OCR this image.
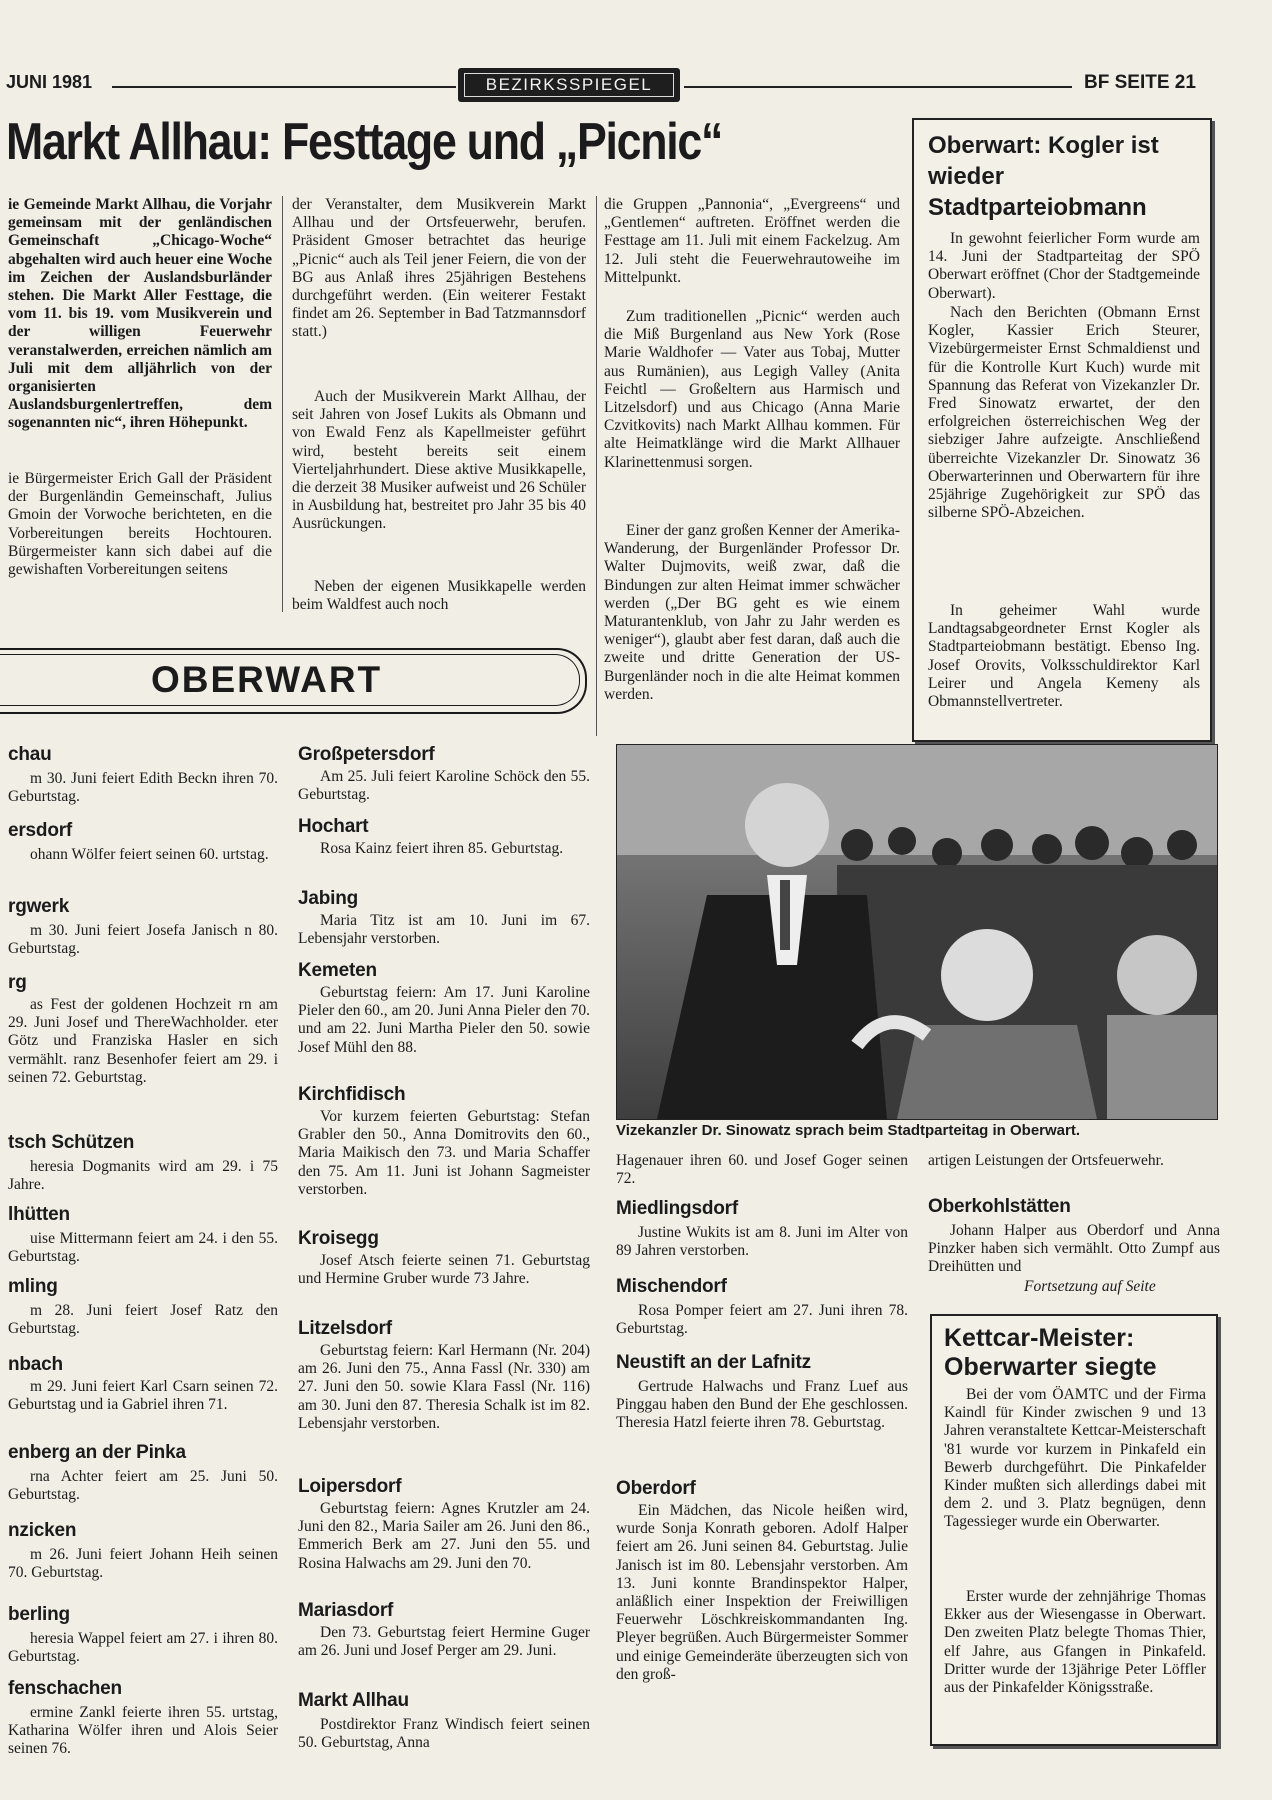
JUNI 1981	BEZIRKSSPIEGEL	BF SEITE 21
Markt Allhau: Festtage und „Picnic“

ie Gemeinde Markt Allhau, die Vorjahr gemeinsam mit der genländischen Gemeinschaft „Chicago-Woche“ abgehalten wird auch heuer eine Woche im Zeichen der Auslandsburländer stehen. Die Markt Aller Festtage, die vom 11. bis 19. vom Musikverein und der willigen Feuerwehr veranstalwerden, erreichen nämlich am Juli mit dem alljährlich von der organisierten Auslandsburgenlertreffen, dem sogenannten nic“, ihren Höhepunkt.

ie Bürgermeister Erich Gall der Präsident der Burgenländin Gemeinschaft, Julius Gmoin der Vorwoche berichteten, en die Vorbereitungen bereits Hochtouren. Bürgermeister kann sich dabei auf die gewishaften Vorbereitungen seitens

der Veranstalter, dem Musikverein Markt Allhau und der Ortsfeuerwehr, berufen. Präsident Gmoser betrachtet das heurige „Picnic“ auch als Teil jener Feiern, die von der BG aus Anlaß ihres 25jährigen Bestehens durchgeführt werden. (Ein weiterer Festakt findet am 26. September in Bad Tatzmannsdorf statt.)

Auch der Musikverein Markt Allhau, der seit Jahren von Josef Lukits als Obmann und von Ewald Fenz als Kapellmeister geführt wird, besteht bereits seit einem Vierteljahrhundert. Diese aktive Musikkapelle, die derzeit 38 Musiker aufweist und 26 Schüler in Ausbildung hat, bestreitet pro Jahr 35 bis 40 Ausrückungen.

Neben der eigenen Musikkapelle werden beim Waldfest auch noch

die Gruppen „Pannonia“, „Evergreens“ und „Gentlemen“ auftreten. Eröffnet werden die Festtage am 11. Juli mit einem Fackelzug. Am 12. Juli steht die Feuerwehrautoweihe im Mittelpunkt.

Zum traditionellen „Picnic“ werden auch die Miß Burgenland aus New York (Rose Marie Waldhofer — Vater aus Tobaj, Mutter aus Rumänien), aus Legigh Valley (Anita Feichtl — Großeltern aus Harmisch und Litzelsdorf) und aus Chicago (Anna Marie Czvitkovits) nach Markt Allhau kommen. Für alte Heimatklänge wird die Markt Allhauer Klarinettenmusi sorgen.

Einer der ganz großen Kenner der Amerika-Wanderung, der Burgenländer Professor Dr. Walter Dujmovits, weiß zwar, daß die Bindungen zur alten Heimat immer schwächer werden („Der BG geht es wie einem Maturantenklub, von Jahr zu Jahr werden es weniger“), glaubt aber fest daran, daß auch die zweite und dritte Generation der US-Burgenländer noch in die alte Heimat kommen werden.

Oberwart: Kogler ist wieder Stadtparteiobmann

In gewohnt feierlicher Form wurde am 14. Juni der Stadtparteitag der SPÖ Oberwart eröffnet (Chor der Stadtgemeinde Oberwart).

Nach den Berichten (Obmann Ernst Kogler, Kassier Erich Steurer, Vizebürgermeister Ernst Schmaldienst und für die Kontrolle Kurt Kuch) wurde mit Spannung das Referat von Vizekanzler Dr. Fred Sinowatz erwartet, der den erfolgreichen österreichischen Weg der siebziger Jahre aufzeigte. Anschließend überreichte Vizekanzler Dr. Sinowatz 36 Oberwarterinnen und Oberwartern für ihre 25jährige Zugehörigkeit zur SPÖ das silberne SPÖ-Abzeichen.

In geheimer Wahl wurde Landtagsabgeordneter Ernst Kogler als Stadtparteiobmann bestätigt. Ebenso Ing. Josef Orovits, Volksschuldirektor Karl Leirer und Angela Kemeny als Obmannstellvertreter.

OBERWART
chau

m 30. Juni feiert Edith Beckn ihren 70. Geburtstag.

ersdorf

ohann Wölfer feiert seinen 60. urtstag.

rgwerk

m 30. Juni feiert Josefa Janisch n 80. Geburtstag.

rg

as Fest der goldenen Hochzeit rn am 29. Juni Josef und ThereWachholder. eter Götz und Franziska Hasler en sich vermählt. ranz Besenhofer feiert am 29. i seinen 72. Geburtstag.

tsch Schützen

heresia Dogmanits wird am 29. i 75 Jahre.

lhütten

uise Mittermann feiert am 24. i den 55. Geburtstag.

mling

m 28. Juni feiert Josef Ratz den Geburtstag.

nbach

m 29. Juni feiert Karl Csarn seinen 72. Geburtstag und ia Gabriel ihren 71.

enberg an der Pinka

rna Achter feiert am 25. Juni 50. Geburtstag.

nzicken

m 26. Juni feiert Johann Heih seinen 70. Geburtstag.

berling

heresia Wappel feiert am 27. i ihren 80. Geburtstag.

fenschachen

ermine Zankl feierte ihren 55. urtstag, Katharina Wölfer ihren und Alois Seier seinen 76.

Großpetersdorf

Am 25. Juli feiert Karoline Schöck den 55. Geburtstag.

Hochart

Rosa Kainz feiert ihren 85. Geburtstag.

Jabing

Maria Titz ist am 10. Juni im 67. Lebensjahr verstorben.

Kemeten

Geburtstag feiern: Am 17. Juni Karoline Pieler den 60., am 20. Juni Anna Pieler den 70. und am 22. Juni Martha Pieler den 50. sowie Josef Mühl den 88.

Kirchfidisch

Vor kurzem feierten Geburtstag: Stefan Grabler den 50., Anna Domitrovits den 60., Maria Maikisch den 73. und Maria Schaffer den 75. Am 11. Juni ist Johann Sagmeister verstorben.

Kroisegg

Josef Atsch feierte seinen 71. Geburtstag und Hermine Gruber wurde 73 Jahre.

Litzelsdorf

Geburtstag feiern: Karl Hermann (Nr. 204) am 26. Juni den 75., Anna Fassl (Nr. 330) am 27. Juni den 50. sowie Klara Fassl (Nr. 116) am 30. Juni den 87. Theresia Schalk ist im 82. Lebensjahr verstorben.

Loipersdorf

Geburtstag feiern: Agnes Krutzler am 24. Juni den 82., Maria Sailer am 26. Juni den 86., Emmerich Berk am 27. Juni den 55. und Rosina Halwachs am 29. Juni den 70.

Mariasdorf

Den 73. Geburtstag feiert Hermine Guger am 26. Juni und Josef Perger am 29. Juni.

Markt Allhau

Postdirektor Franz Windisch feiert seinen 50. Geburtstag, Anna

Vizekanzler Dr. Sinowatz sprach beim Stadtparteitag in Oberwart.

Hagenauer ihren 60. und Josef Goger seinen 72.

Miedlingsdorf

Justine Wukits ist am 8. Juni im Alter von 89 Jahren verstorben.

Mischendorf

Rosa Pomper feiert am 27. Juni ihren 78. Geburtstag.

Neustift an der Lafnitz

Gertrude Halwachs und Franz Luef aus Pinggau haben den Bund der Ehe geschlossen. Theresia Hatzl feierte ihren 78. Geburtstag.

Oberdorf

Ein Mädchen, das Nicole heißen wird, wurde Sonja Konrath geboren. Adolf Halper feiert am 26. Juni seinen 84. Geburtstag. Julie Janisch ist im 80. Lebensjahr verstorben. Am 13. Juni konnte Brandinspektor Halper, anläßlich einer Inspektion der Freiwilligen Feuerwehr Löschkreiskommandanten Ing. Pleyer begrüßen. Auch Bürgermeister Sommer und einige Gemeinderäte überzeugten sich von den groß-

artigen Leistungen der Ortsfeuerwehr.

Oberkohlstätten

Johann Halper aus Oberdorf und Anna Pinzker haben sich vermählt. Otto Zumpf aus Dreihütten und

Fortsetzung auf Seite
Kettcar-Meister: Oberwarter siegte

Bei der vom ÖAMTC und der Firma Kaindl für Kinder zwischen 9 und 13 Jahren veranstaltete Kettcar-Meisterschaft '81 wurde vor kurzem in Pinkafeld ein Bewerb durchgeführt. Die Pinkafelder Kinder mußten sich allerdings dabei mit dem 2. und 3. Platz begnügen, denn Tagessieger wurde ein Oberwarter.

Erster wurde der zehnjährige Thomas Ekker aus der Wiesengasse in Oberwart. Den zweiten Platz belegte Thomas Thier, elf Jahre, aus Gfangen in Pinkafeld. Dritter wurde der 13jährige Peter Löffler aus der Pinkafelder Königsstraße.
